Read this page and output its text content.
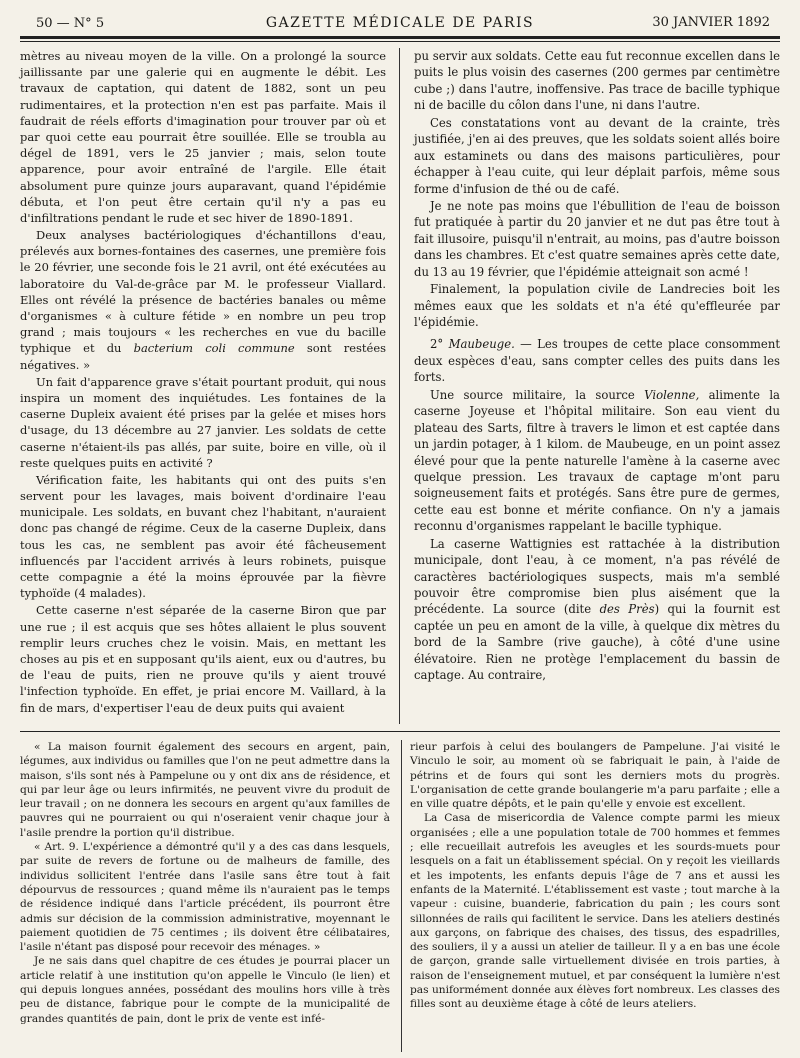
50 — N° 5	GAZETTE MÉDICALE DE PARIS	30 JANVIER 1892

mètres au niveau moyen de la ville. On a prolongé la source jaillissante par une galerie qui en augmente le débit. Les travaux de captation, qui datent de 1882, sont un peu rudimentaires, et la protection n'en est pas parfaite. Mais il faudrait de réels efforts d'imagination pour trouver par où et par quoi cette eau pourrait être souillée. Elle se troubla au dégel de 1891, vers le 25 janvier ; mais, selon toute apparence, pour avoir entraîné de l'argile. Elle était absolument pure quinze jours auparavant, quand l'épidémie débuta, et l'on peut être certain qu'il n'y a pas eu d'infiltrations pendant le rude et sec hiver de 1890-1891.

Deux analyses bactériologiques d'échantillons d'eau, prélevés aux bornes-fontaines des casernes, une première fois le 20 février, une seconde fois le 21 avril, ont été exécutées au laboratoire du Val-de-grâce par M. le professeur Viallard. Elles ont révélé la présence de bactéries banales ou même d'organismes « à culture fétide » en nombre un peu trop grand ; mais toujours « les recherches en vue du bacille typhique et du bacterium coli commune sont restées négatives. »

Un fait d'apparence grave s'était pourtant produit, qui nous inspira un moment des inquiétudes. Les fontaines de la caserne Dupleix avaient été prises par la gelée et mises hors d'usage, du 13 décembre au 27 janvier. Les soldats de cette caserne n'étaient-ils pas allés, par suite, boire en ville, où il reste quelques puits en activité ?

Vérification faite, les habitants qui ont des puits s'en servent pour les lavages, mais boivent d'ordinaire l'eau municipale. Les soldats, en buvant chez l'habitant, n'auraient donc pas changé de régime. Ceux de la caserne Dupleix, dans tous les cas, ne semblent pas avoir été fâcheusement influencés par l'accident arrivés à leurs robinets, puisque cette compagnie a été la moins éprouvée par la fièvre typhoïde (4 malades).

Cette caserne n'est séparée de la caserne Biron que par une rue ; il est acquis que ses hôtes allaient le plus souvent remplir leurs cruches chez le voisin. Mais, en mettant les choses au pis et en supposant qu'ils aient, eux ou d'autres, bu de l'eau de puits, rien ne prouve qu'ils y aient trouvé l'infection typhoïde. En effet, je priai encore M. Vaillard, à la fin de mars, d'expertiser l'eau de deux puits qui avaient

pu servir aux soldats. Cette eau fut reconnue excellen dans le puits le plus voisin des casernes (200 germes par centimètre cube ;) dans l'autre, inoffensive. Pas trace de bacille typhique ni de bacille du côlon dans l'une, ni dans l'autre.

Ces constatations vont au devant de la crainte, très justifiée, j'en ai des preuves, que les soldats soient allés boire aux estaminets ou dans des maisons particulières, pour échapper à l'eau cuite, qui leur déplait parfois, même sous forme d'infusion de thé ou de café.

Je ne note pas moins que l'ébullition de l'eau de boisson fut pratiquée à partir du 20 janvier et ne dut pas être tout à fait illusoire, puisqu'il n'entrait, au moins, pas d'autre boisson dans les chambres. Et c'est quatre semaines après cette date, du 13 au 19 février, que l'épidémie atteignait son acmé !

Finalement, la population civile de Landrecies boit les mêmes eaux que les soldats et n'a été qu'effleurée par l'épidémie.

2° Maubeuge. — Les troupes de cette place consomment deux espèces d'eau, sans compter celles des puits dans les forts.

Une source militaire, la source Violenne, alimente la caserne Joyeuse et l'hôpital militaire. Son eau vient du plateau des Sarts, filtre à travers le limon et est captée dans un jardin potager, à 1 kilom. de Maubeuge, en un point assez élevé pour que la pente naturelle l'amène à la caserne avec quelque pression. Les travaux de captage m'ont paru soigneusement faits et protégés. Sans être pure de germes, cette eau est bonne et mérite confiance. On n'y a jamais reconnu d'organismes rappelant le bacille typhique.

La caserne Wattignies est rattachée à la distribution municipale, dont l'eau, à ce moment, n'a pas révélé de caractères bactériologiques suspects, mais m'a semblé pouvoir être compromise bien plus aisément que la précédente. La source (dite des Près) qui la fournit est captée un peu en amont de la ville, à quelque dix mètres du bord de la Sambre (rive gauche), à côté d'une usine élévatoire. Rien ne protège l'emplacement du bassin de captage. Au contraire,

« La maison fournit également des secours en argent, pain, légumes, aux individus ou familles que l'on ne peut admettre dans la maison, s'ils sont nés à Pampelune ou y ont dix ans de résidence, et qui par leur âge ou leurs infirmités, ne peuvent vivre du produit de leur travail ; on ne donnera les secours en argent qu'aux familles de pauvres qui ne pourraient ou qui n'oseraient venir chaque jour à l'asile prendre la portion qu'il distribue.

« Art. 9. L'expérience a démontré qu'il y a des cas dans lesquels, par suite de revers de fortune ou de malheurs de famille, des individus sollicitent l'entrée dans l'asile sans être tout à fait dépourvus de ressources ; quand même ils n'auraient pas le temps de résidence indiqué dans l'article précédent, ils pourront être admis sur décision de la commission administrative, moyennant le paiement quotidien de 75 centimes ; ils doivent être célibataires, l'asile n'étant pas disposé pour recevoir des ménages. »

Je ne sais dans quel chapitre de ces études je pourrai placer un article relatif à une institution qu'on appelle le Vinculo (le lien) et qui depuis longues années, possédant des moulins hors ville à très peu de distance, fabrique pour le compte de la municipalité de grandes quantités de pain, dont le prix de vente est infé-

rieur parfois à celui des boulangers de Pampelune. J'ai visité le Vinculo le soir, au moment où se fabriquait le pain, à l'aide de pétrins et de fours qui sont les derniers mots du progrès. L'organisation de cette grande boulangerie m'a paru parfaite ; elle a en ville quatre dépôts, et le pain qu'elle y envoie est excellent.

La Casa de misericordia de Valence compte parmi les mieux organisées ; elle a une population totale de 700 hommes et femmes ; elle recueillait autrefois les aveugles et les sourds-muets pour lesquels on a fait un établissement spécial. On y reçoit les vieillards et les impotents, les enfants depuis l'âge de 7 ans et aussi les enfants de la Maternité. L'établissement est vaste ; tout marche à la vapeur : cuisine, buanderie, fabrication du pain ; les cours sont sillonnées de rails qui facilitent le service. Dans les ateliers destinés aux garçons, on fabrique des chaises, des tissus, des espadrilles, des souliers, il y a aussi un atelier de tailleur. Il y a en bas une école de garçon, grande salle virtuellement divisée en trois parties, à raison de l'enseignement mutuel, et par conséquent la lumière n'est pas uniformément donnée aux élèves fort nombreux. Les classes des filles sont au deuxième étage à côté de leurs ateliers.
